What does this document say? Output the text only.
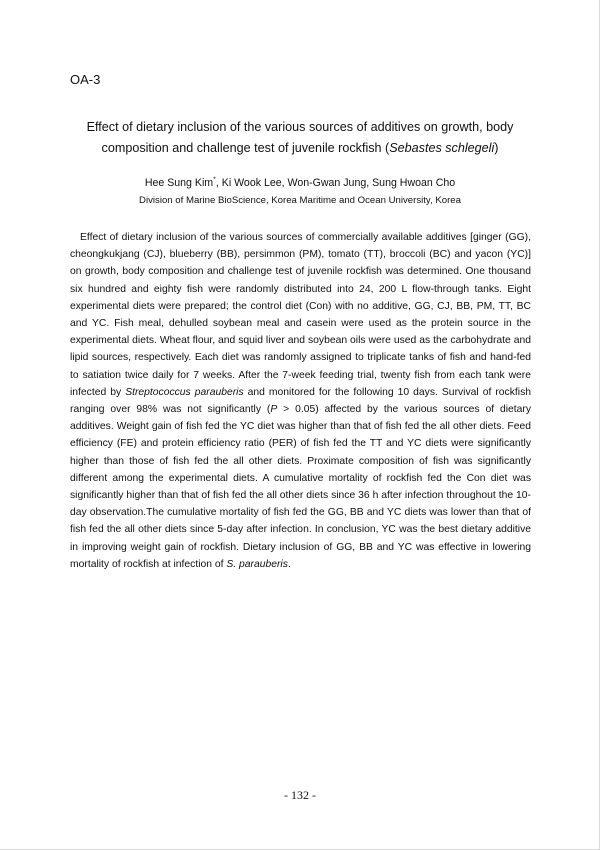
OA-3
Effect of dietary inclusion of the various sources of additives on growth, body
composition and challenge test of juvenile rockfish (Sebastes schlegeli)
Hee Sung Kim*, Ki Wook Lee, Won-Gwan Jung, Sung Hwoan Cho
Division of Marine BioScience, Korea Maritime and Ocean University, Korea

Effect of dietary inclusion of the various sources of commercially available additives [ginger (GG), cheongkukjang (CJ), blueberry (BB), persimmon (PM), tomato (TT), broccoli (BC) and yacon (YC)] on growth, body composition and challenge test of juvenile rockfish was determined. One thousand six hundred and eighty fish were randomly distributed into 24, 200 L flow-through tanks. Eight experimental diets were prepared; the control diet (Con) with no additive, GG, CJ, BB, PM, TT, BC and YC. Fish meal, dehulled soybean meal and casein were used as the protein source in the experimental diets. Wheat flour, and squid liver and soybean oils were used as the carbohydrate and lipid sources, respectively. Each diet was randomly assigned to triplicate tanks of fish and hand-fed to satiation twice daily for 7 weeks. After the 7-week feeding trial, twenty fish from each tank were infected by Streptococcus parauberis and monitored for the following 10 days. Survival of rockfish ranging over 98% was not significantly (P > 0.05) affected by the various sources of dietary additives. Weight gain of fish fed the YC diet was higher than that of fish fed the all other diets. Feed efficiency (FE) and protein efficiency ratio (PER) of fish fed the TT and YC diets were significantly higher than those of fish fed the all other diets. Proximate composition of fish was significantly different among the experimental diets. A cumulative mortality of rockfish fed the Con diet was significantly higher than that of fish fed the all other diets since 36 h after infection throughout the 10-day observation.The cumulative mortality of fish fed the GG, BB and YC diets was lower than that of fish fed the all other diets since 5-day after infection. In conclusion, YC was the best dietary additive in improving weight gain of rockfish. Dietary inclusion of GG, BB and YC was effective in lowering mortality of rockfish at infection of S. parauberis.

- 132 -
